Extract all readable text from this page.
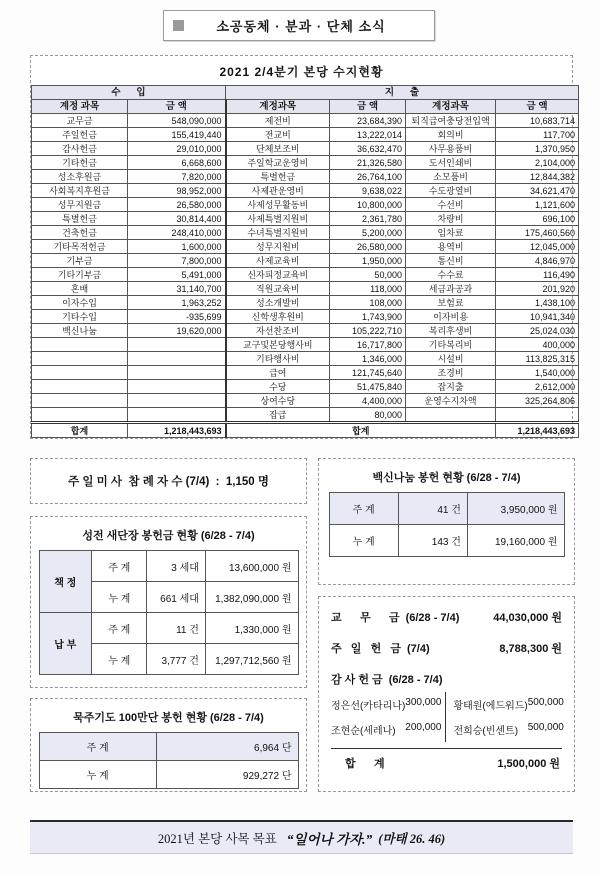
소공동체 · 분과 · 단체 소식
2021 2/4분기 본당 수지현황
수      입		지      출			
계정 과목	금 액	계정과목	금 액	계정과목	금 액
교무금	548,090,000	제전비	23,684,390	퇴직급여충당전입액	10,683,714
주일헌금	155,419,440	전교비	13,222,014	회의비	117,700
감사헌금	29,010,000	단체보조비	36,632,470	사무용품비	1,370,950
기타헌금	6,668,600	주일학교운영비	21,326,580	도서인쇄비	2,104,000
성소후원금	7,820,000	특별헌금	26,764,100	소모품비	12,844,382
사회복지후원금	98,952,000	사제관운영비	9,638,022	수도광열비	34,621,470
성무지원금	26,580,000	사제성무활동비	10,800,000	수선비	1,121,600
특별헌금	30,814,400	사제특별지원비	2,361,780	차량비	696,100
건축헌금	248,410,000	수녀특별지원비	5,200,000	임차료	175,460,560
기타목적헌금	1,600,000	성무지원비	26,580,000	용역비	12,045,000
기부금	7,800,000	사제교육비	1,950,000	통신비	4,846,970
기타기부금	5,491,000	신자피정교육비	50,000	수수료	116,490
혼배	31,140,700	직원교육비	118,000	세금과공과	201,920
이자수입	1,963,252	성소개발비	108,000	보험료	1,438,100
기타수입	-935,699	신학생후원비	1,743,900	이자비용	10,941,340
백신나눔	19,620,000	자선찬조비	105,222,710	복리후생비	25,024,030
		교구및본당행사비	16,717,800	기타복리비	400,000
		기타행사비	1,346,000	시설비	113,825,315
		급여	121,745,640	조경비	1,540,000
		수당	51,475,840	잡지출	2,612,000
		상여수당	4,400,000	운영수지차액	325,264,806
		잡급	80,000		
합계	1,218,443,693	합계			1,218,443,693
주 일 미 사  참 례 자 수 (7/4)  :  1,150 명
성전 새단장 봉헌금 현황 (6/28 - 7/4)
책 정	주 계	3 세대	13,600,000 원
	누 계	661 세대	1,382,090,000 원
납 부	주 계	11 건	1,330,000 원
	누 계	3,777 건	1,297,712,560 원
묵주기도 100만단 봉헌 현황 (6/28 - 7/4)
주 계	6,964 단
누 계	929,272 단
백신나눔 봉헌 현황 (6/28 - 7/4)
주 계	41 건	3,950,000 원
누 계	143 건	19,160,000 원
교      무      금 (6/28 - 7/4)	44,030,000 원
주   일   헌   금 (7/4)	8,788,300 원
감 사 헌 금 (6/28 - 7/4)
정은선(카타리나) 300,000 황태원(에드워드) 500,000
조현순(세레나) 200,000 전희승(빈센트) 500,000
합      계	1,500,000 원
2021년 본당 사목 목표 “일어나 가자.” (마태 26. 46)
